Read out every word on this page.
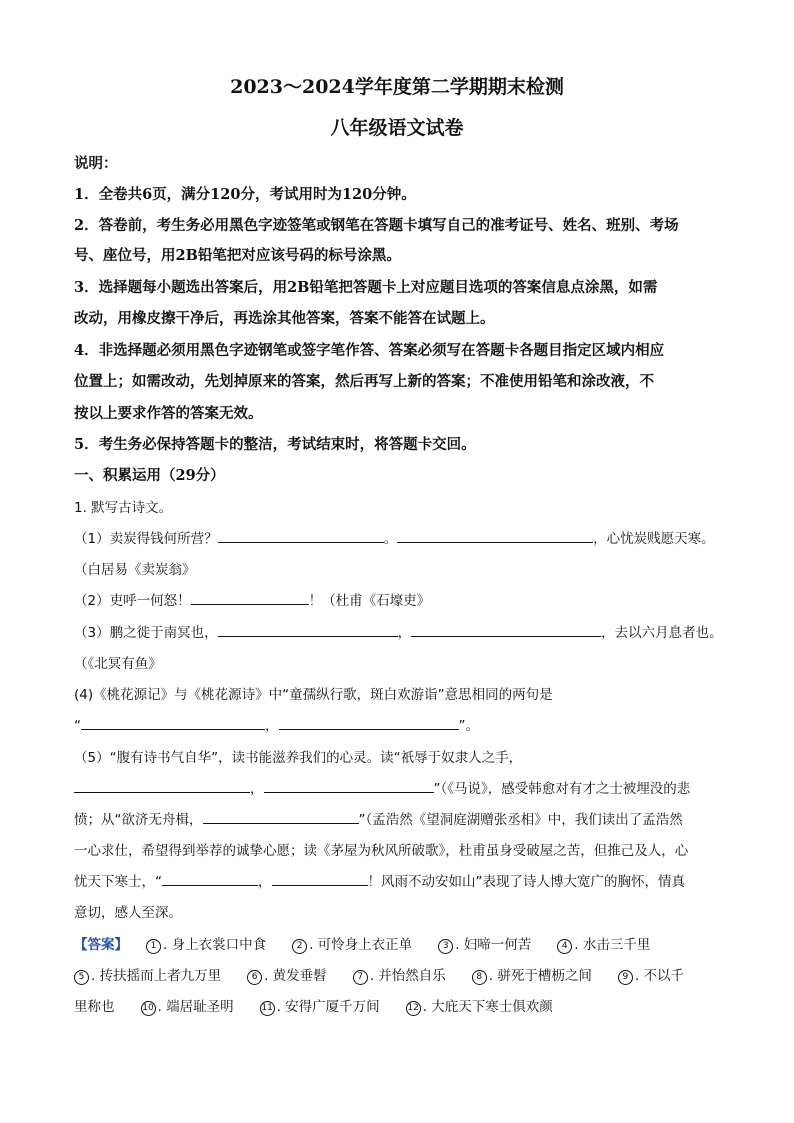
2023～2024学年度第二学期期末检测
八年级语文试卷
说明：
1．全卷共6页，满分120分，考试用时为120分钟。
2．答卷前，考生务必用黑色字迹签笔或钢笔在答题卡填写自己的准考证号、姓名、班别、考场
号、座位号，用2B铅笔把对应该号码的标号涂黑。
3．选择题每小题选出答案后，用2B铅笔把答题卡上对应题目选项的答案信息点涂黑，如需
改动，用橡皮擦干净后，再选涂其他答案，答案不能答在试题上。
4．非选择题必须用黑色字迹钢笔或签字笔作答、答案必须写在答题卡各题目指定区域内相应
位置上；如需改动，先划掉原来的答案，然后再写上新的答案；不准使用铅笔和涂改液，不
按以上要求作答的答案无效。
5．考生务必保持答题卡的整洁，考试结束时，将答题卡交回。
一、积累运用（29分）
1. 默写古诗文。
（1）卖炭得钱何所营？	。	，心忧炭贱愿天寒。
（白居易《卖炭翁》
（2）吏呼一何怒！	！（杜甫《石壕吏》
（3）鹏之徙于南冥也，	，	，去以六月息者也。
（《北冥有鱼》
(4)《桃花源记》与《桃花源诗》中“童孺纵行歌，斑白欢游诣”意思相同的两句是
“	，	”。
（5）“腹有诗书气自华”，读书能滋养我们的心灵。读“祇辱于奴隶人之手，
，	”（《马说》，感受韩愈对有才之士被埋没的悲
愤；从“欲济无舟楫，	”（孟浩然《望洞庭湖赠张丞相》中，我们读出了孟浩然
一心求仕，希望得到举荐的诚挚心愿；读《茅屋为秋风所破歌》，杜甫虽身受破屋之苦，但推己及人，心
忧天下寒士，“	，	！风雨不动安如山”表现了诗人博大宽广的胸怀，情真
意切，感人至深。
【答案】	1 . 身上衣裳口中食	2 . 可怜身上衣正单	3 . 妇啼一何苦	4 . 水击三千里
5 . 抟扶摇而上者九万里	6 . 黄发垂髫	7 . 并怡然自乐	8 . 骈死于槽枥之间	9 . 不以千
里称也	10 . 端居耻圣明	11 . 安得广厦千万间	12 . 大庇天下寒士俱欢颜
